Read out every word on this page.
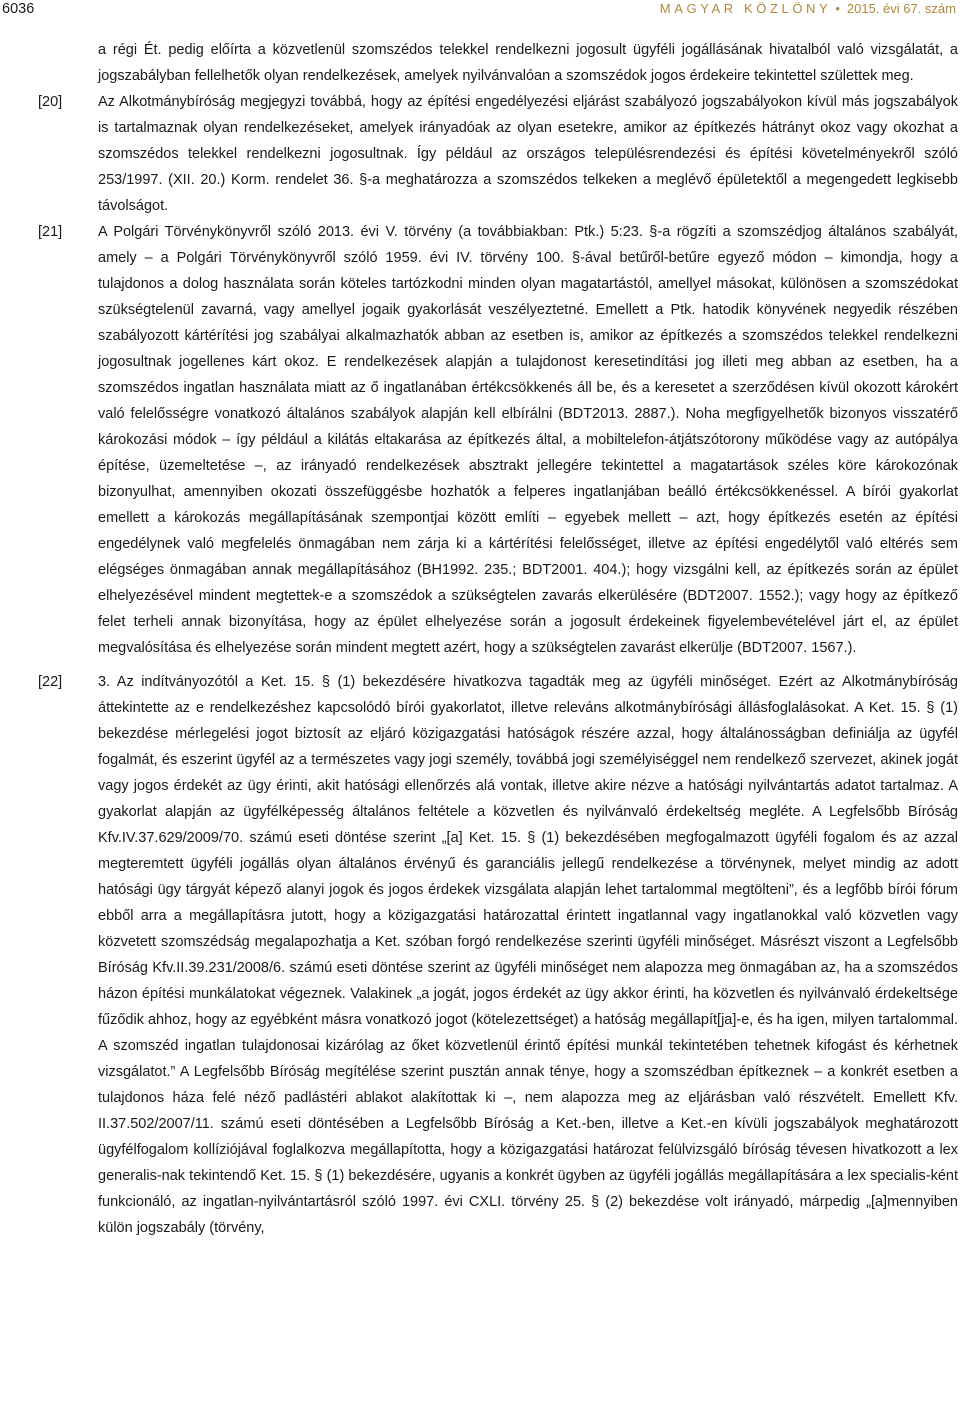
6036	MAGYAR KÖZLÖNY • 2015. évi 67. szám
a régi Ét. pedig előírta a közvetlenül szomszédos telekkel rendelkezni jogosult ügyféli jogállásának hivatalból való vizsgálatát, a jogszabályban fellelhetők olyan rendelkezések, amelyek nyilvánvalóan a szomszédok jogos érdekeire tekintettel születtek meg.
[20] Az Alkotmánybíróság megjegyzi továbbá, hogy az építési engedélyezési eljárást szabályozó jogszabályokon kívül más jogszabályok is tartalmaznak olyan rendelkezéseket, amelyek irányadóak az olyan esetekre, amikor az építkezés hátrányt okoz vagy okozhat a szomszédos telekkel rendelkezni jogosultnak. Így például az országos településrendezési és építési követelményekről szóló 253/1997. (XII. 20.) Korm. rendelet 36. §-a meghatározza a szomszédos telkeken a meglévő épületektől a megengedett legkisebb távolságot.
[21] A Polgári Törvénykönyvről szóló 2013. évi V. törvény (a továbbiakban: Ptk.) 5:23. §-a rögzíti a szomszédjog általános szabályát, amely – a Polgári Törvénykönyvről szóló 1959. évi IV. törvény 100. §-ával betűről-betűre egyező módon – kimondja, hogy a tulajdonos a dolog használata során köteles tartózkodni minden olyan magatartástól, amellyel másokat, különösen a szomszédokat szükségtelenül zavarná, vagy amellyel jogaik gyakorlását veszélyeztetné. Emellett a Ptk. hatodik könyvének negyedik részében szabályozott kártérítési jog szabályai alkalmazhatók abban az esetben is, amikor az építkezés a szomszédos telekkel rendelkezni jogosultnak jogellenes kárt okoz. E rendelkezések alapján a tulajdonost keresetindítási jog illeti meg abban az esetben, ha a szomszédos ingatlan használata miatt az ő ingatlanában értékcsökkenés áll be, és a keresetet a szerződésen kívül okozott károkért való felelősségre vonatkozó általános szabályok alapján kell elbírálni (BDT2013. 2887.). Noha megfigyelhetők bizonyos visszatérő károkozási módok – így például a kilátás eltakarása az építkezés által, a mobiltelefon-átjátszótorony működése vagy az autópálya építése, üzemeltetése –, az irányadó rendelkezések absztrakt jellegére tekintettel a magatartások széles köre károkozónak bizonyulhat, amennyiben okozati összefüggésbe hozhatók a felperes ingatlanjában beálló értékcsökkenéssel. A bírói gyakorlat emellett a károkozás megállapításának szempontjai között említi – egyebek mellett – azt, hogy építkezés esetén az építési engedélynek való megfelelés önmagában nem zárja ki a kártérítési felelősséget, illetve az építési engedélytől való eltérés sem elégséges önmagában annak megállapításához (BH1992. 235.; BDT2001. 404.); hogy vizsgálni kell, az építkezés során az épület elhelyezésével mindent megtettek-e a szomszédok a szükségtelen zavarás elkerülésére (BDT2007. 1552.); vagy hogy az építkező felet terheli annak bizonyítása, hogy az épület elhelyezése során a jogosult érdekeinek figyelembevételével járt el, az épület megvalósítása és elhelyezése során mindent megtett azért, hogy a szükségtelen zavarást elkerülje (BDT2007. 1567.).
[22] 3. Az indítványozótól a Ket. 15. § (1) bekezdésére hivatkozva tagadták meg az ügyféli minőséget. Ezért az Alkotmánybíróság áttekintette az e rendelkezéshez kapcsolódó bírói gyakorlatot, illetve releváns alkotmánybírósági állásfoglalásokat. A Ket. 15. § (1) bekezdése mérlegelési jogot biztosít az eljáró közigazgatási hatóságok részére azzal, hogy általánosságban definiálja az ügyfél fogalmát, és eszerint ügyfél az a természetes vagy jogi személy, továbbá jogi személyiséggel nem rendelkező szervezet, akinek jogát vagy jogos érdekét az ügy érinti, akit hatósági ellenőrzés alá vontak, illetve akire nézve a hatósági nyilvántartás adatot tartalmaz. A gyakorlat alapján az ügyfélképesség általános feltétele a közvetlen és nyilvánvaló érdekeltség megléte. A Legfelsőbb Bíróság Kfv.IV.37.629/2009/70. számú eseti döntése szerint „[a] Ket. 15. § (1) bekezdésében megfogalmazott ügyféli fogalom és az azzal megteremtett ügyféli jogállás olyan általános érvényű és garanciális jellegű rendelkezése a törvénynek, melyet mindig az adott hatósági ügy tárgyát képező alanyi jogok és jogos érdekek vizsgálata alapján lehet tartalommal megtölteni”, és a legfőbb bírói fórum ebből arra a megállapításra jutott, hogy a közigazgatási határozattal érintett ingatlannal vagy ingatlanokkal való közvetlen vagy közvetett szomszédság megalapozhatja a Ket. szóban forgó rendelkezése szerinti ügyféli minőséget. Másrészt viszont a Legfelsőbb Bíróság Kfv.II.39.231/2008/6. számú eseti döntése szerint az ügyféli minőséget nem alapozza meg önmagában az, ha a szomszédos házon építési munkálatokat végeznek. Valakinek „a jogát, jogos érdekét az ügy akkor érinti, ha közvetlen és nyilvánvaló érdekeltsége fűződik ahhoz, hogy az egyébként másra vonatkozó jogot (kötelezettséget) a hatóság megállapít[ja]-e, és ha igen, milyen tartalommal. A szomszéd ingatlan tulajdonosai kizárólag az őket közvetlenül érintő építési munkál tekintetében tehetnek kifogást és kérhetnek vizsgálatot.” A Legfelsőbb Bíróság megítélése szerint pusztán annak ténye, hogy a szomszédban építkeznek – a konkrét esetben a tulajdonos háza felé néző padlástéri ablakot alakítottak ki –, nem alapozza meg az eljárásban való részvételt. Emellett Kfv. II.37.502/2007/11. számú eseti döntésében a Legfelsőbb Bíróság a Ket.-ben, illetve a Ket.-en kívüli jogszabályok meghatározott ügyfélfogalom kollíziójával foglalkozva megállapította, hogy a közigazgatási határozat felülvizsgáló bíróság tévesen hivatkozott a lex generalis-nak tekintendő Ket. 15. § (1) bekezdésére, ugyanis a konkrét ügyben az ügyféli jogállás megállapítására a lex specialis-ként funkcionáló, az ingatlan-nyilvántartásról szóló 1997. évi CXLI. törvény 25. § (2) bekezdése volt irányadó, márpedig „[a]mennyiben külön jogszabály (törvény,
